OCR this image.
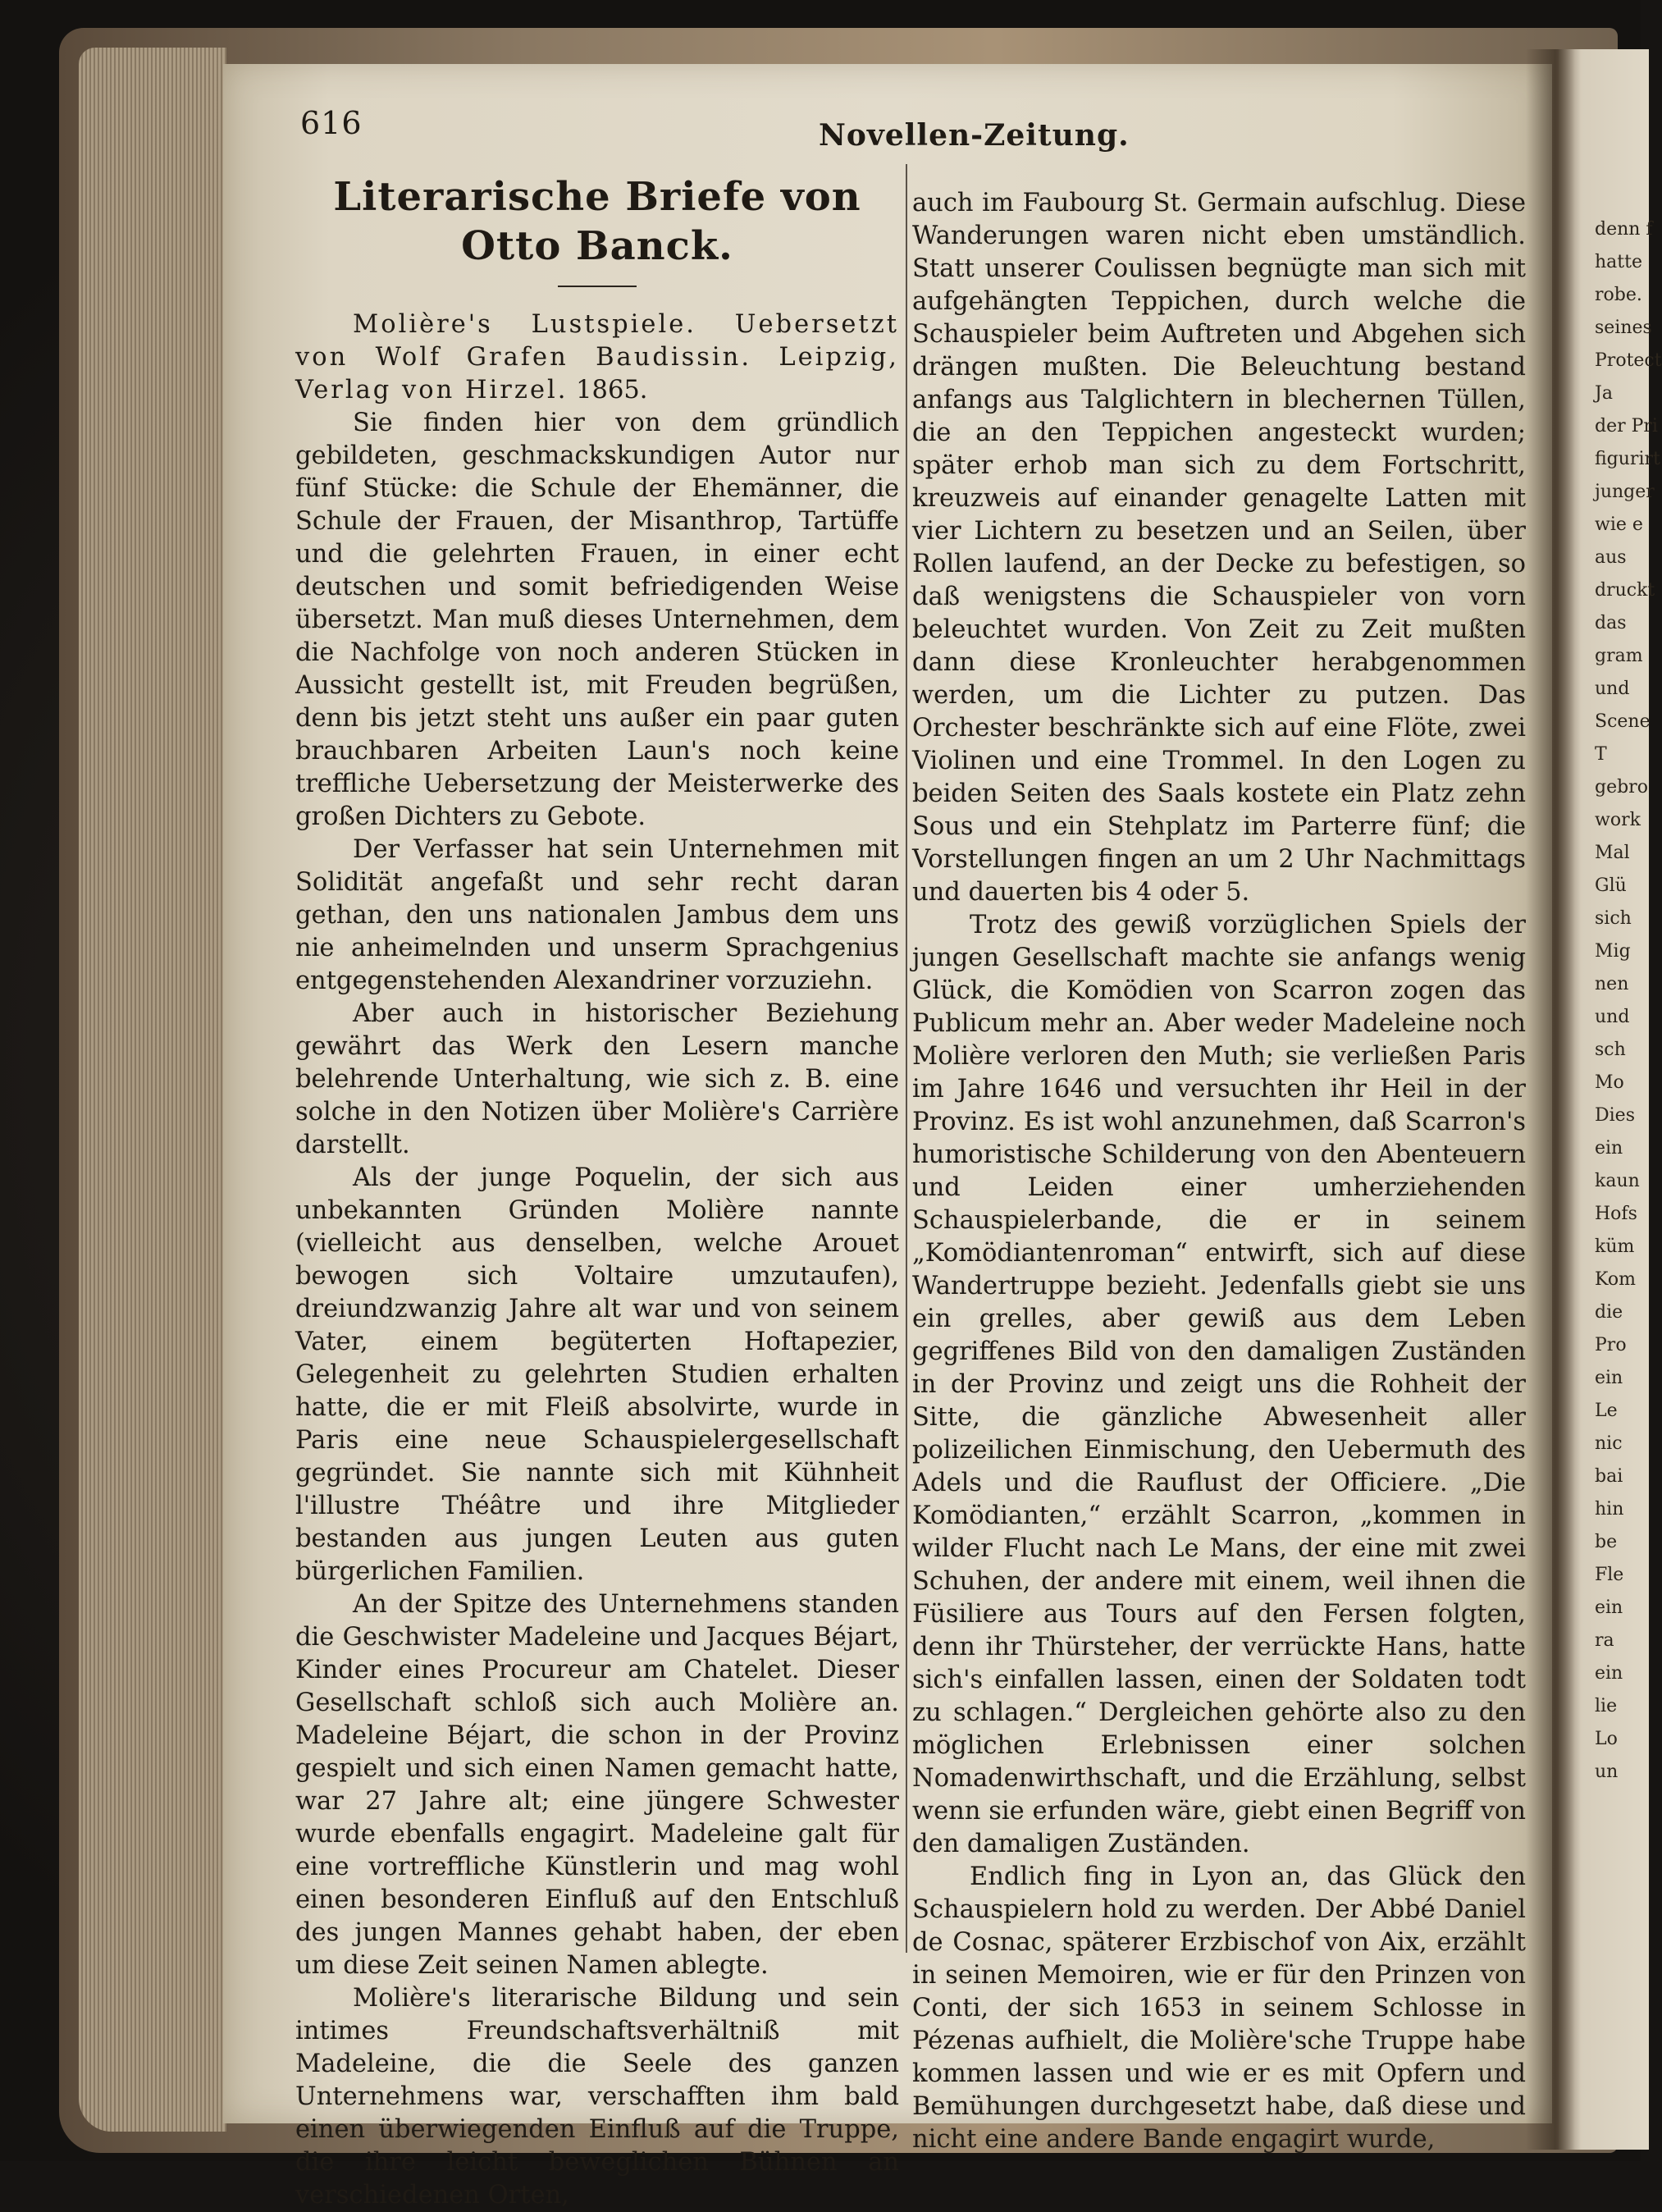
616	Novellen-Zeitung.
Literarische Briefe von Otto Banck.

Molière's Lustspiele. Uebersetzt von Wolf Grafen Baudissin. Leipzig, Verlag von Hirzel. 1865.

Sie finden hier von dem gründlich gebildeten, geschmackskundigen Autor nur fünf Stücke: die Schule der Ehemänner, die Schule der Frauen, der Misanthrop, Tartüffe und die gelehrten Frauen, in einer echt deutschen und somit befriedigenden Weise übersetzt. Man muß dieses Unternehmen, dem die Nachfolge von noch anderen Stücken in Aussicht gestellt ist, mit Freuden begrüßen, denn bis jetzt steht uns außer ein paar guten brauchbaren Arbeiten Laun's noch keine treffliche Uebersetzung der Meisterwerke des großen Dichters zu Gebote.

Der Verfasser hat sein Unternehmen mit Solidität angefaßt und sehr recht daran gethan, den uns nationalen Jambus dem uns nie anheimelnden und unserm Sprachgenius entgegenstehenden Alexandriner vorzuziehn.

Aber auch in historischer Beziehung gewährt das Werk den Lesern manche belehrende Unterhaltung, wie sich z. B. eine solche in den Notizen über Molière's Carrière darstellt.

Als der junge Poquelin, der sich aus unbekannten Gründen Molière nannte (vielleicht aus denselben, welche Arouet bewogen sich Voltaire umzutaufen), dreiundzwanzig Jahre alt war und von seinem Vater, einem begüterten Hoftapezier, Gelegenheit zu gelehrten Studien erhalten hatte, die er mit Fleiß absolvirte, wurde in Paris eine neue Schauspielergesellschaft gegründet. Sie nannte sich mit Kühnheit l'illustre Théâtre und ihre Mitglieder bestanden aus jungen Leuten aus guten bürgerlichen Familien.

An der Spitze des Unternehmens standen die Geschwister Madeleine und Jacques Béjart, Kinder eines Procureur am Chatelet. Dieser Gesellschaft schloß sich auch Molière an. Madeleine Béjart, die schon in der Provinz gespielt und sich einen Namen gemacht hatte, war 27 Jahre alt; eine jüngere Schwester wurde ebenfalls engagirt. Madeleine galt für eine vortreffliche Künstlerin und mag wohl einen besonderen Einfluß auf den Entschluß des jungen Mannes gehabt haben, der eben um diese Zeit seinen Namen ablegte.

Molière's literarische Bildung und sein intimes Freundschaftsverhältniß mit Madeleine, die die Seele des ganzen Unternehmens war, verschafften ihm bald einen überwiegenden Einfluß auf die Truppe, die ihre leicht beweglichen Bühnen an verschiedenen Orten,

auch im Faubourg St. Germain aufschlug. Diese Wanderungen waren nicht eben umständlich. Statt unserer Coulissen begnügte man sich mit aufgehängten Teppichen, durch welche die Schauspieler beim Auftreten und Abgehen sich drängen mußten. Die Beleuchtung bestand anfangs aus Talglichtern in blechernen Tüllen, die an den Teppichen angesteckt wurden; später erhob man sich zu dem Fortschritt, kreuzweis auf einander genagelte Latten mit vier Lichtern zu besetzen und an Seilen, über Rollen laufend, an der Decke zu befestigen, so daß wenigstens die Schauspieler von vorn beleuchtet wurden. Von Zeit zu Zeit mußten dann diese Kronleuchter herabgenommen werden, um die Lichter zu putzen. Das Orchester beschränkte sich auf eine Flöte, zwei Violinen und eine Trommel. In den Logen zu beiden Seiten des Saals kostete ein Platz zehn Sous und ein Stehplatz im Parterre fünf; die Vorstellungen fingen an um 2 Uhr Nachmittags und dauerten bis 4 oder 5.

Trotz des gewiß vorzüglichen Spiels der jungen Gesellschaft machte sie anfangs wenig Glück, die Komödien von Scarron zogen das Publicum mehr an. Aber weder Madeleine noch Molière verloren den Muth; sie verließen Paris im Jahre 1646 und versuchten ihr Heil in der Provinz. Es ist wohl anzunehmen, daß Scarron's humoristische Schilderung von den Abenteuern und Leiden einer umherziehenden Schauspielerbande, die er in seinem „Komödiantenroman“ entwirft, sich auf diese Wandertruppe bezieht. Jedenfalls giebt sie uns ein grelles, aber gewiß aus dem Leben gegriffenes Bild von den damaligen Zuständen in der Provinz und zeigt uns die Rohheit der Sitte, die gänzliche Abwesenheit aller polizeilichen Einmischung, den Uebermuth des Adels und die Rauflust der Officiere. „Die Komödianten,“ erzählt Scarron, „kommen in wilder Flucht nach Le Mans, der eine mit zwei Schuhen, der andere mit einem, weil ihnen die Füsiliere aus Tours auf den Fersen folgten, denn ihr Thürsteher, der verrückte Hans, hatte sich's einfallen lassen, einen der Soldaten todt zu schlagen.“ Dergleichen gehörte also zu den möglichen Erlebnissen einer solchen Nomadenwirthschaft, und die Erzählung, selbst wenn sie erfunden wäre, giebt einen Begriff von den damaligen Zuständen.

Endlich fing in Lyon an, das Glück den Schauspielern hold zu werden. Der Abbé Daniel de Cosnac, späterer Erzbischof von Aix, erzählt in seinen Memoiren, wie er für den Prinzen von Conti, der sich 1653 in seinem Schlosse in Pézenas aufhielt, die Molière'sche Truppe habe kommen lassen und wie er es mit Opfern und Bemühungen durchgesetzt habe, daß diese und nicht eine andere Bande engagirt wurde,

denn f
hatte
robe.
seines
Protect
Ja
der Pri
figurirt
junger
wie e
aus
druckt
das
gram
und
Scene
T
gebro
work
Mal
Glü
sich
Mig
nen
und
sch
Mo
Dies
ein
kaun
Hofs
küm
Kom
die
Pro
ein
Le
nic
bai
hin
be
Fle
ein
ra
ein
lie
Lo
un
